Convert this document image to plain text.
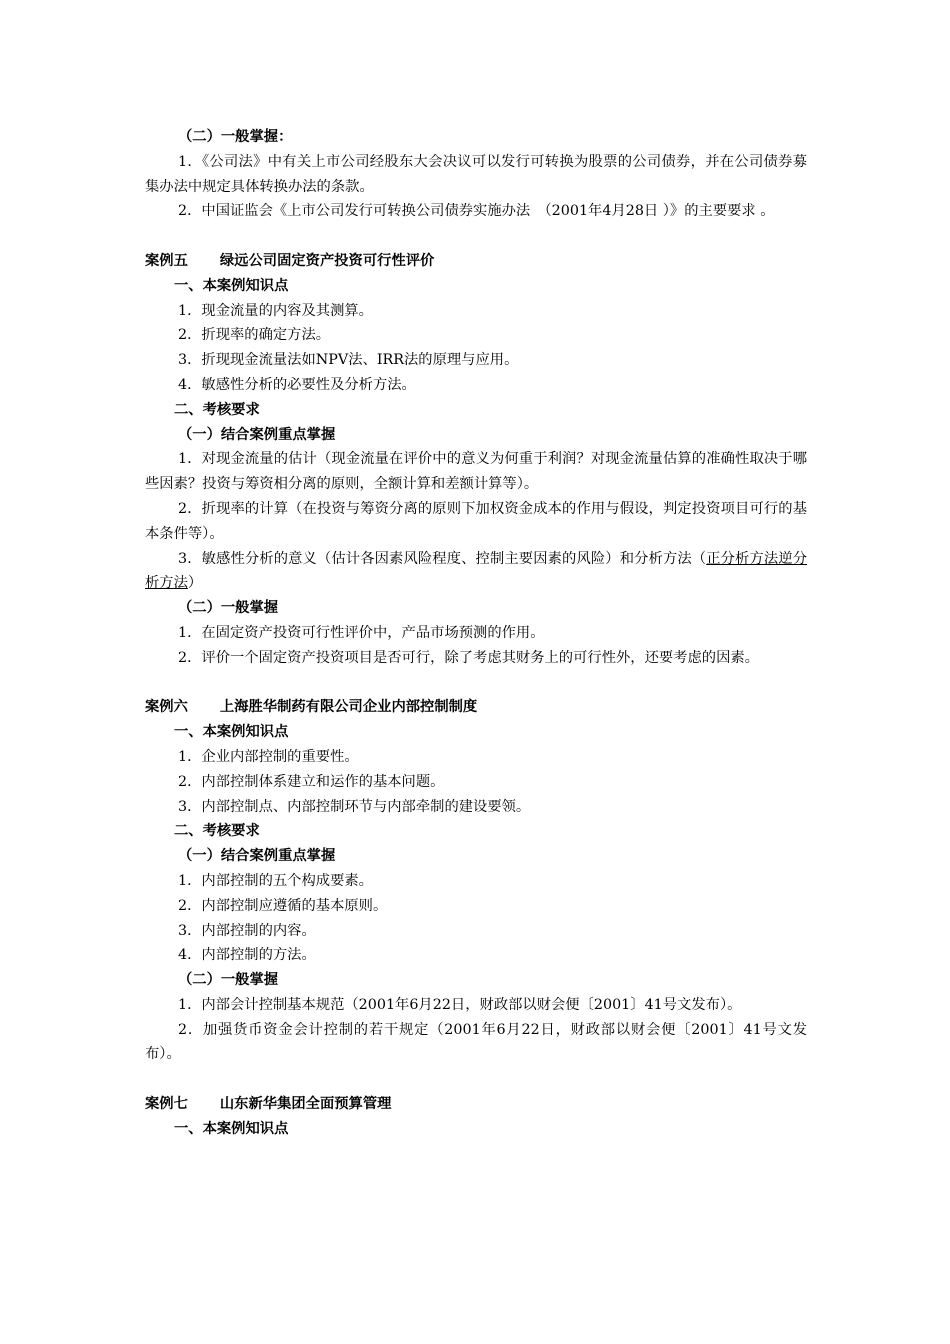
（二）一般掌握：
1．《公司法》中有关上市公司经股东大会决议可以发行可转换为股票的公司债券，并在公司债券募集办法中规定具体转换办法的条款。
2．中国证监会《上市公司发行可转换公司债券实施办法　（2001年4月28日 ）》的主要要求 。
案例五 绿远公司固定资产投资可行性评价
一、本案例知识点
1．现金流量的内容及其测算。
2．折现率的确定方法。
3．折现现金流量法如NPV法、IRR法的原理与应用。
4．敏感性分析的必要性及分析方法。
二、考核要求
（一）结合案例重点掌握
1．对现金流量的估计（现金流量在评价中的意义为何重于利润？对现金流量估算的准确性取决于哪些因素？投资与筹资相分离的原则，全额计算和差额计算等）。
2．折现率的计算（在投资与筹资分离的原则下加权资金成本的作用与假设，判定投资项目可行的基本条件等）。
3．敏感性分析的意义（估计各因素风险程度、控制主要因素的风险）和分析方法（正分析方法逆分析方法）
（二）一般掌握
1．在固定资产投资可行性评价中，产品市场预测的作用。
2．评价一个固定资产投资项目是否可行，除了考虑其财务上的可行性外，还要考虑的因素。
案例六 上海胜华制药有限公司企业内部控制制度
一、本案例知识点
1．企业内部控制的重要性。
2．内部控制体系建立和运作的基本问题。
3．内部控制点、内部控制环节与内部牵制的建设要领。
二、考核要求
（一）结合案例重点掌握
1．内部控制的五个构成要素。
2．内部控制应遵循的基本原则。
3．内部控制的内容。
4．内部控制的方法。
（二）一般掌握
1．内部会计控制基本规范（2001年6月22日，财政部以财会便〔2001〕41号文发布）。
2．加强货币资金会计控制的若干规定（2001年6月22日，财政部以财会便〔2001〕41号文发布）。
案例七 山东新华集团全面预算管理
一、本案例知识点
